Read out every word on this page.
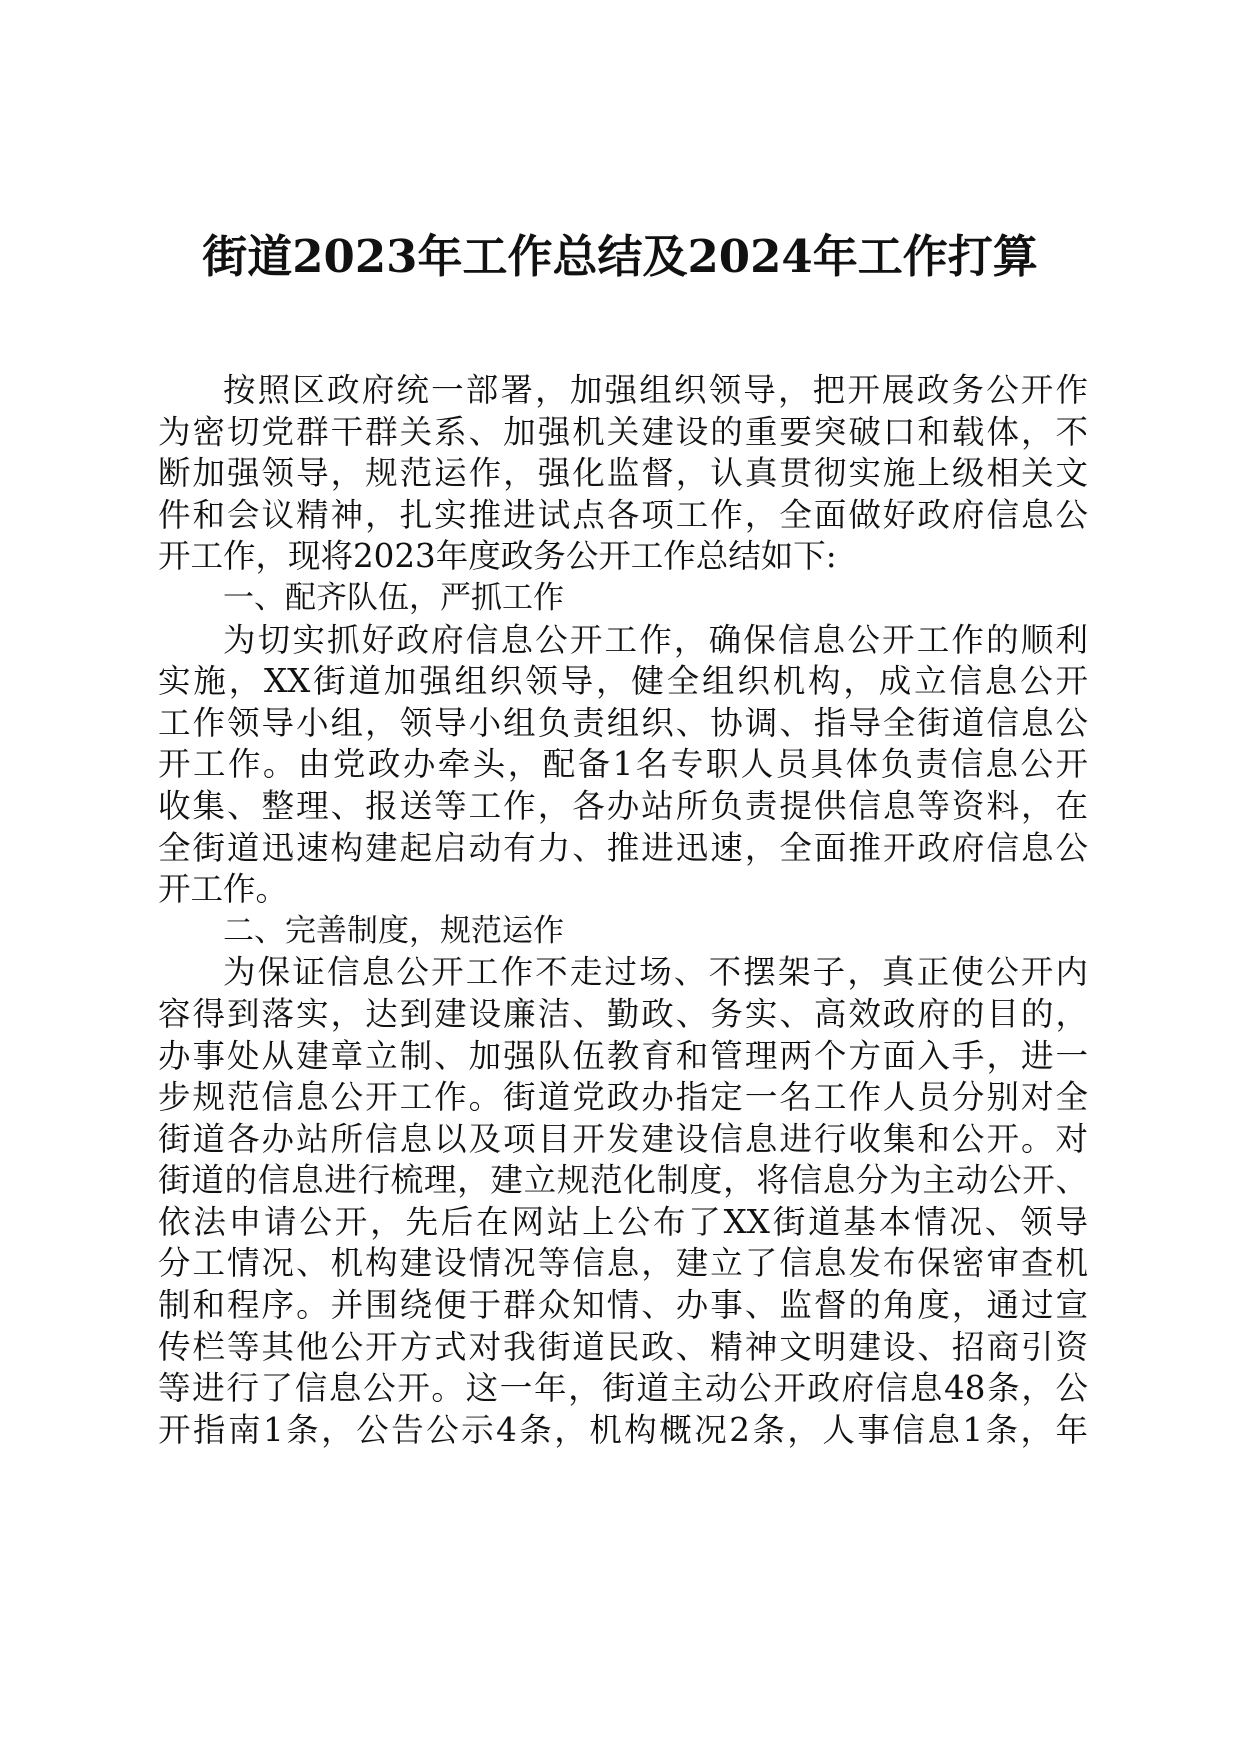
街道2023年工作总结及2024年工作打算
按照区政府统一部署，加强组织领导，把开展政务公开作
为密切党群干群关系、加强机关建设的重要突破口和载体，不
断加强领导，规范运作，强化监督，认真贯彻实施上级相关文
件和会议精神，扎实推进试点各项工作，全面做好政府信息公
开工作，现将2023年度政务公开工作总结如下:
一、配齐队伍，严抓工作
为切实抓好政府信息公开工作，确保信息公开工作的顺利
实施，XX街道加强组织领导，健全组织机构，成立信息公开
工作领导小组，领导小组负责组织、协调、指导全街道信息公
开工作。由党政办牵头，配备1名专职人员具体负责信息公开
收集、整理、报送等工作，各办站所负责提供信息等资料，在
全街道迅速构建起启动有力、推进迅速，全面推开政府信息公
开工作。
二、完善制度，规范运作
为保证信息公开工作不走过场、不摆架子，真正使公开内
容得到落实，达到建设廉洁、勤政、务实、高效政府的目的，
办事处从建章立制、加强队伍教育和管理两个方面入手，进一
步规范信息公开工作。街道党政办指定一名工作人员分别对全
街道各办站所信息以及项目开发建设信息进行收集和公开。对
街道的信息进行梳理，建立规范化制度，将信息分为主动公开、
依法申请公开，先后在网站上公布了XX街道基本情况、领导
分工情况、机构建设情况等信息，建立了信息发布保密审查机
制和程序。并围绕便于群众知情、办事、监督的角度，通过宣
传栏等其他公开方式对我街道民政、精神文明建设、招商引资
等进行了信息公开。这一年，街道主动公开政府信息48条，公
开指南1条，公告公示4条，机构概况2条，人事信息1条，年
